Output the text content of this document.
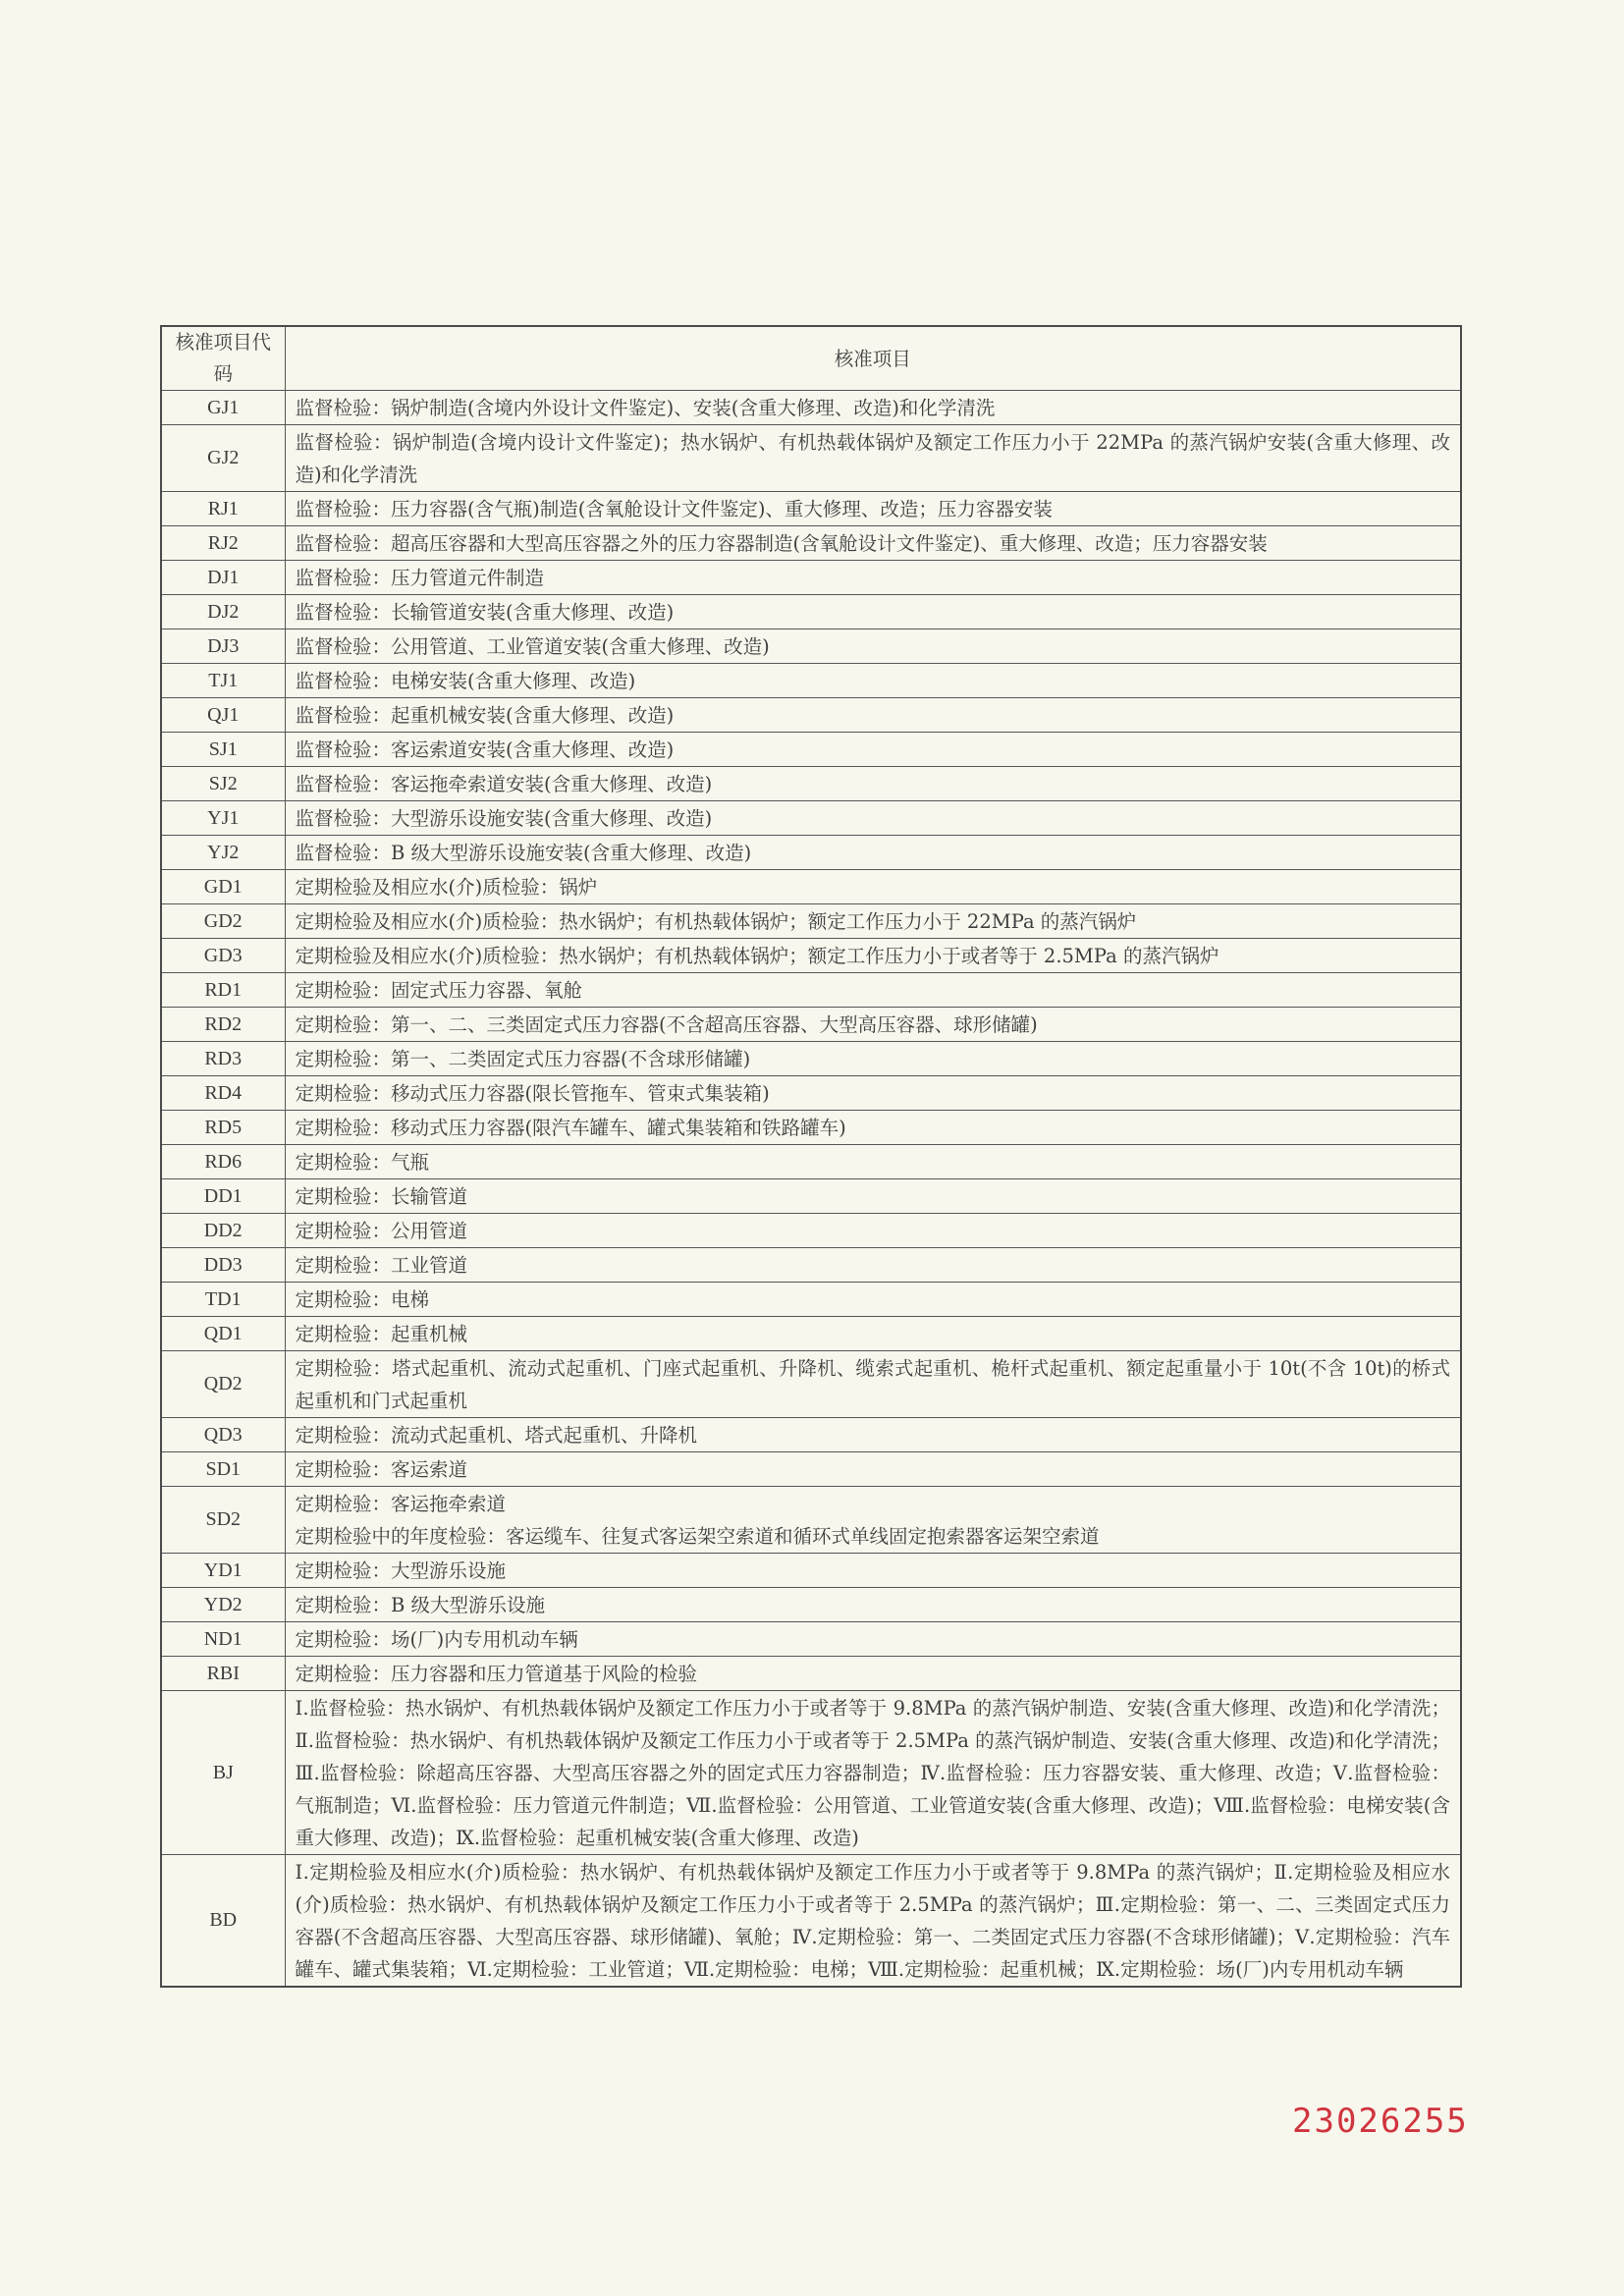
核准项目代码	核准项目
GJ1	监督检验：锅炉制造(含境内外设计文件鉴定)、安装(含重大修理、改造)和化学清洗
GJ2	监督检验：锅炉制造(含境内设计文件鉴定)；热水锅炉、有机热载体锅炉及额定工作压力小于 22MPa 的蒸汽锅炉安装(含重大修理、改造)和化学清洗
RJ1	监督检验：压力容器(含气瓶)制造(含氧舱设计文件鉴定)、重大修理、改造；压力容器安装
RJ2	监督检验：超高压容器和大型高压容器之外的压力容器制造(含氧舱设计文件鉴定)、重大修理、改造；压力容器安装
DJ1	监督检验：压力管道元件制造
DJ2	监督检验：长输管道安装(含重大修理、改造)
DJ3	监督检验：公用管道、工业管道安装(含重大修理、改造)
TJ1	监督检验：电梯安装(含重大修理、改造)
QJ1	监督检验：起重机械安装(含重大修理、改造)
SJ1	监督检验：客运索道安装(含重大修理、改造)
SJ2	监督检验：客运拖牵索道安装(含重大修理、改造)
YJ1	监督检验：大型游乐设施安装(含重大修理、改造)
YJ2	监督检验：B 级大型游乐设施安装(含重大修理、改造)
GD1	定期检验及相应水(介)质检验：锅炉
GD2	定期检验及相应水(介)质检验：热水锅炉；有机热载体锅炉；额定工作压力小于 22MPa 的蒸汽锅炉
GD3	定期检验及相应水(介)质检验：热水锅炉；有机热载体锅炉；额定工作压力小于或者等于 2.5MPa 的蒸汽锅炉
RD1	定期检验：固定式压力容器、氧舱
RD2	定期检验：第一、二、三类固定式压力容器(不含超高压容器、大型高压容器、球形储罐)
RD3	定期检验：第一、二类固定式压力容器(不含球形储罐)
RD4	定期检验：移动式压力容器(限长管拖车、管束式集装箱)
RD5	定期检验：移动式压力容器(限汽车罐车、罐式集装箱和铁路罐车)
RD6	定期检验：气瓶
DD1	定期检验：长输管道
DD2	定期检验：公用管道
DD3	定期检验：工业管道
TD1	定期检验：电梯
QD1	定期检验：起重机械
QD2	定期检验：塔式起重机、流动式起重机、门座式起重机、升降机、缆索式起重机、桅杆式起重机、额定起重量小于 10t(不含 10t)的桥式起重机和门式起重机
QD3	定期检验：流动式起重机、塔式起重机、升降机
SD1	定期检验：客运索道
SD2	定期检验：客运拖牵索道
定期检验中的年度检验：客运缆车、往复式客运架空索道和循环式单线固定抱索器客运架空索道

YD1	定期检验：大型游乐设施
YD2	定期检验：B 级大型游乐设施
ND1	定期检验：场(厂)内专用机动车辆
RBI	定期检验：压力容器和压力管道基于风险的检验
BJ	Ⅰ.监督检验：热水锅炉、有机热载体锅炉及额定工作压力小于或者等于 9.8MPa 的蒸汽锅炉制造、安装(含重大修理、改造)和化学清洗；Ⅱ.监督检验：热水锅炉、有机热载体锅炉及额定工作压力小于或者等于 2.5MPa 的蒸汽锅炉制造、安装(含重大修理、改造)和化学清洗；Ⅲ.监督检验：除超高压容器、大型高压容器之外的固定式压力容器制造；Ⅳ.监督检验：压力容器安装、重大修理、改造；Ⅴ.监督检验：气瓶制造；Ⅵ.监督检验：压力管道元件制造；Ⅶ.监督检验：公用管道、工业管道安装(含重大修理、改造)；Ⅷ.监督检验：电梯安装(含重大修理、改造)；Ⅸ.监督检验：起重机械安装(含重大修理、改造)
BD	Ⅰ.定期检验及相应水(介)质检验：热水锅炉、有机热载体锅炉及额定工作压力小于或者等于 9.8MPa 的蒸汽锅炉；Ⅱ.定期检验及相应水(介)质检验：热水锅炉、有机热载体锅炉及额定工作压力小于或者等于 2.5MPa 的蒸汽锅炉；Ⅲ.定期检验：第一、二、三类固定式压力容器(不含超高压容器、大型高压容器、球形储罐)、氧舱；Ⅳ.定期检验：第一、二类固定式压力容器(不含球形储罐)；Ⅴ.定期检验：汽车罐车、罐式集装箱；Ⅵ.定期检验：工业管道；Ⅶ.定期检验：电梯；Ⅷ.定期检验：起重机械；Ⅸ.定期检验：场(厂)内专用机动车辆
23026255
